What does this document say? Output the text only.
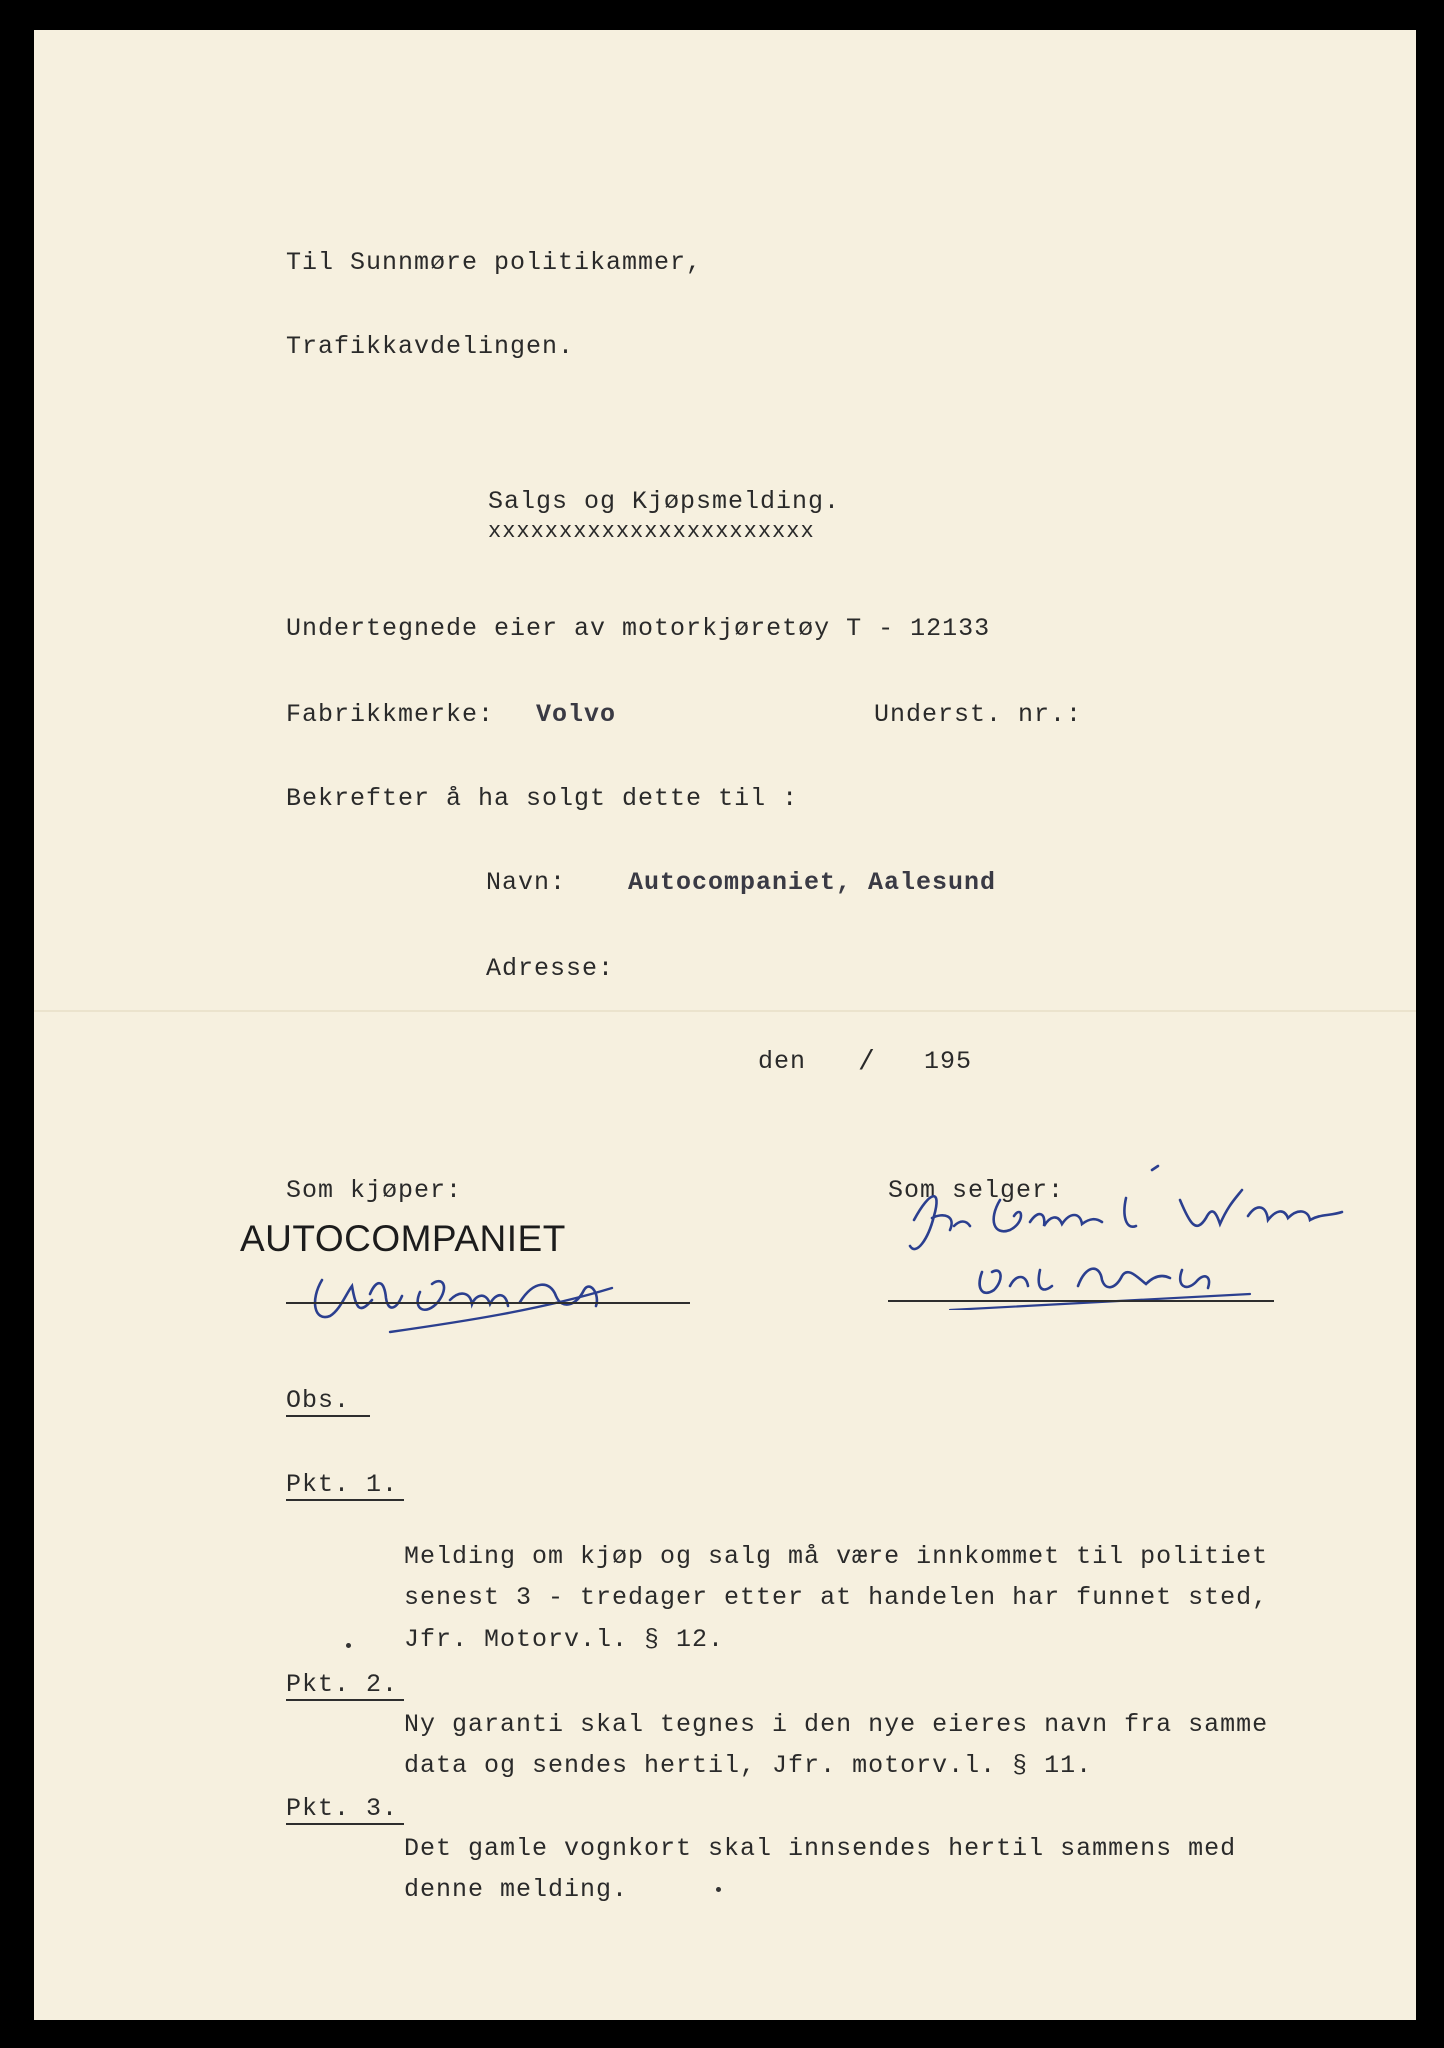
Til Sunnmøre politikammer,
Trafikkavdelingen.
Salgs og Kjøpsmelding.
xxxxxxxxxxxxxxxxxxxxxxx
Undertegnede eier av motorkjøretøy T - 12133
Fabrikkmerke: Volvo	Underst. nr.:
Bekrefter å ha solgt dette til :
Navn: Autocompaniet, Aalesund
Adresse:
den / 195
Som kjøper:
AUTOCOMPANIET
Som selger:
Obs.
Pkt. 1.
Melding om kjøp og salg må være innkommet til politiet
senest 3 - tredager etter at handelen har funnet sted,
Jfr. Motorv.l. § 12.
Pkt. 2.
Ny garanti skal tegnes i den nye eieres navn fra samme
data og sendes hertil, Jfr. motorv.l. § 11.
Pkt. 3.
Det gamle vognkort skal innsendes hertil sammens med
denne melding.
